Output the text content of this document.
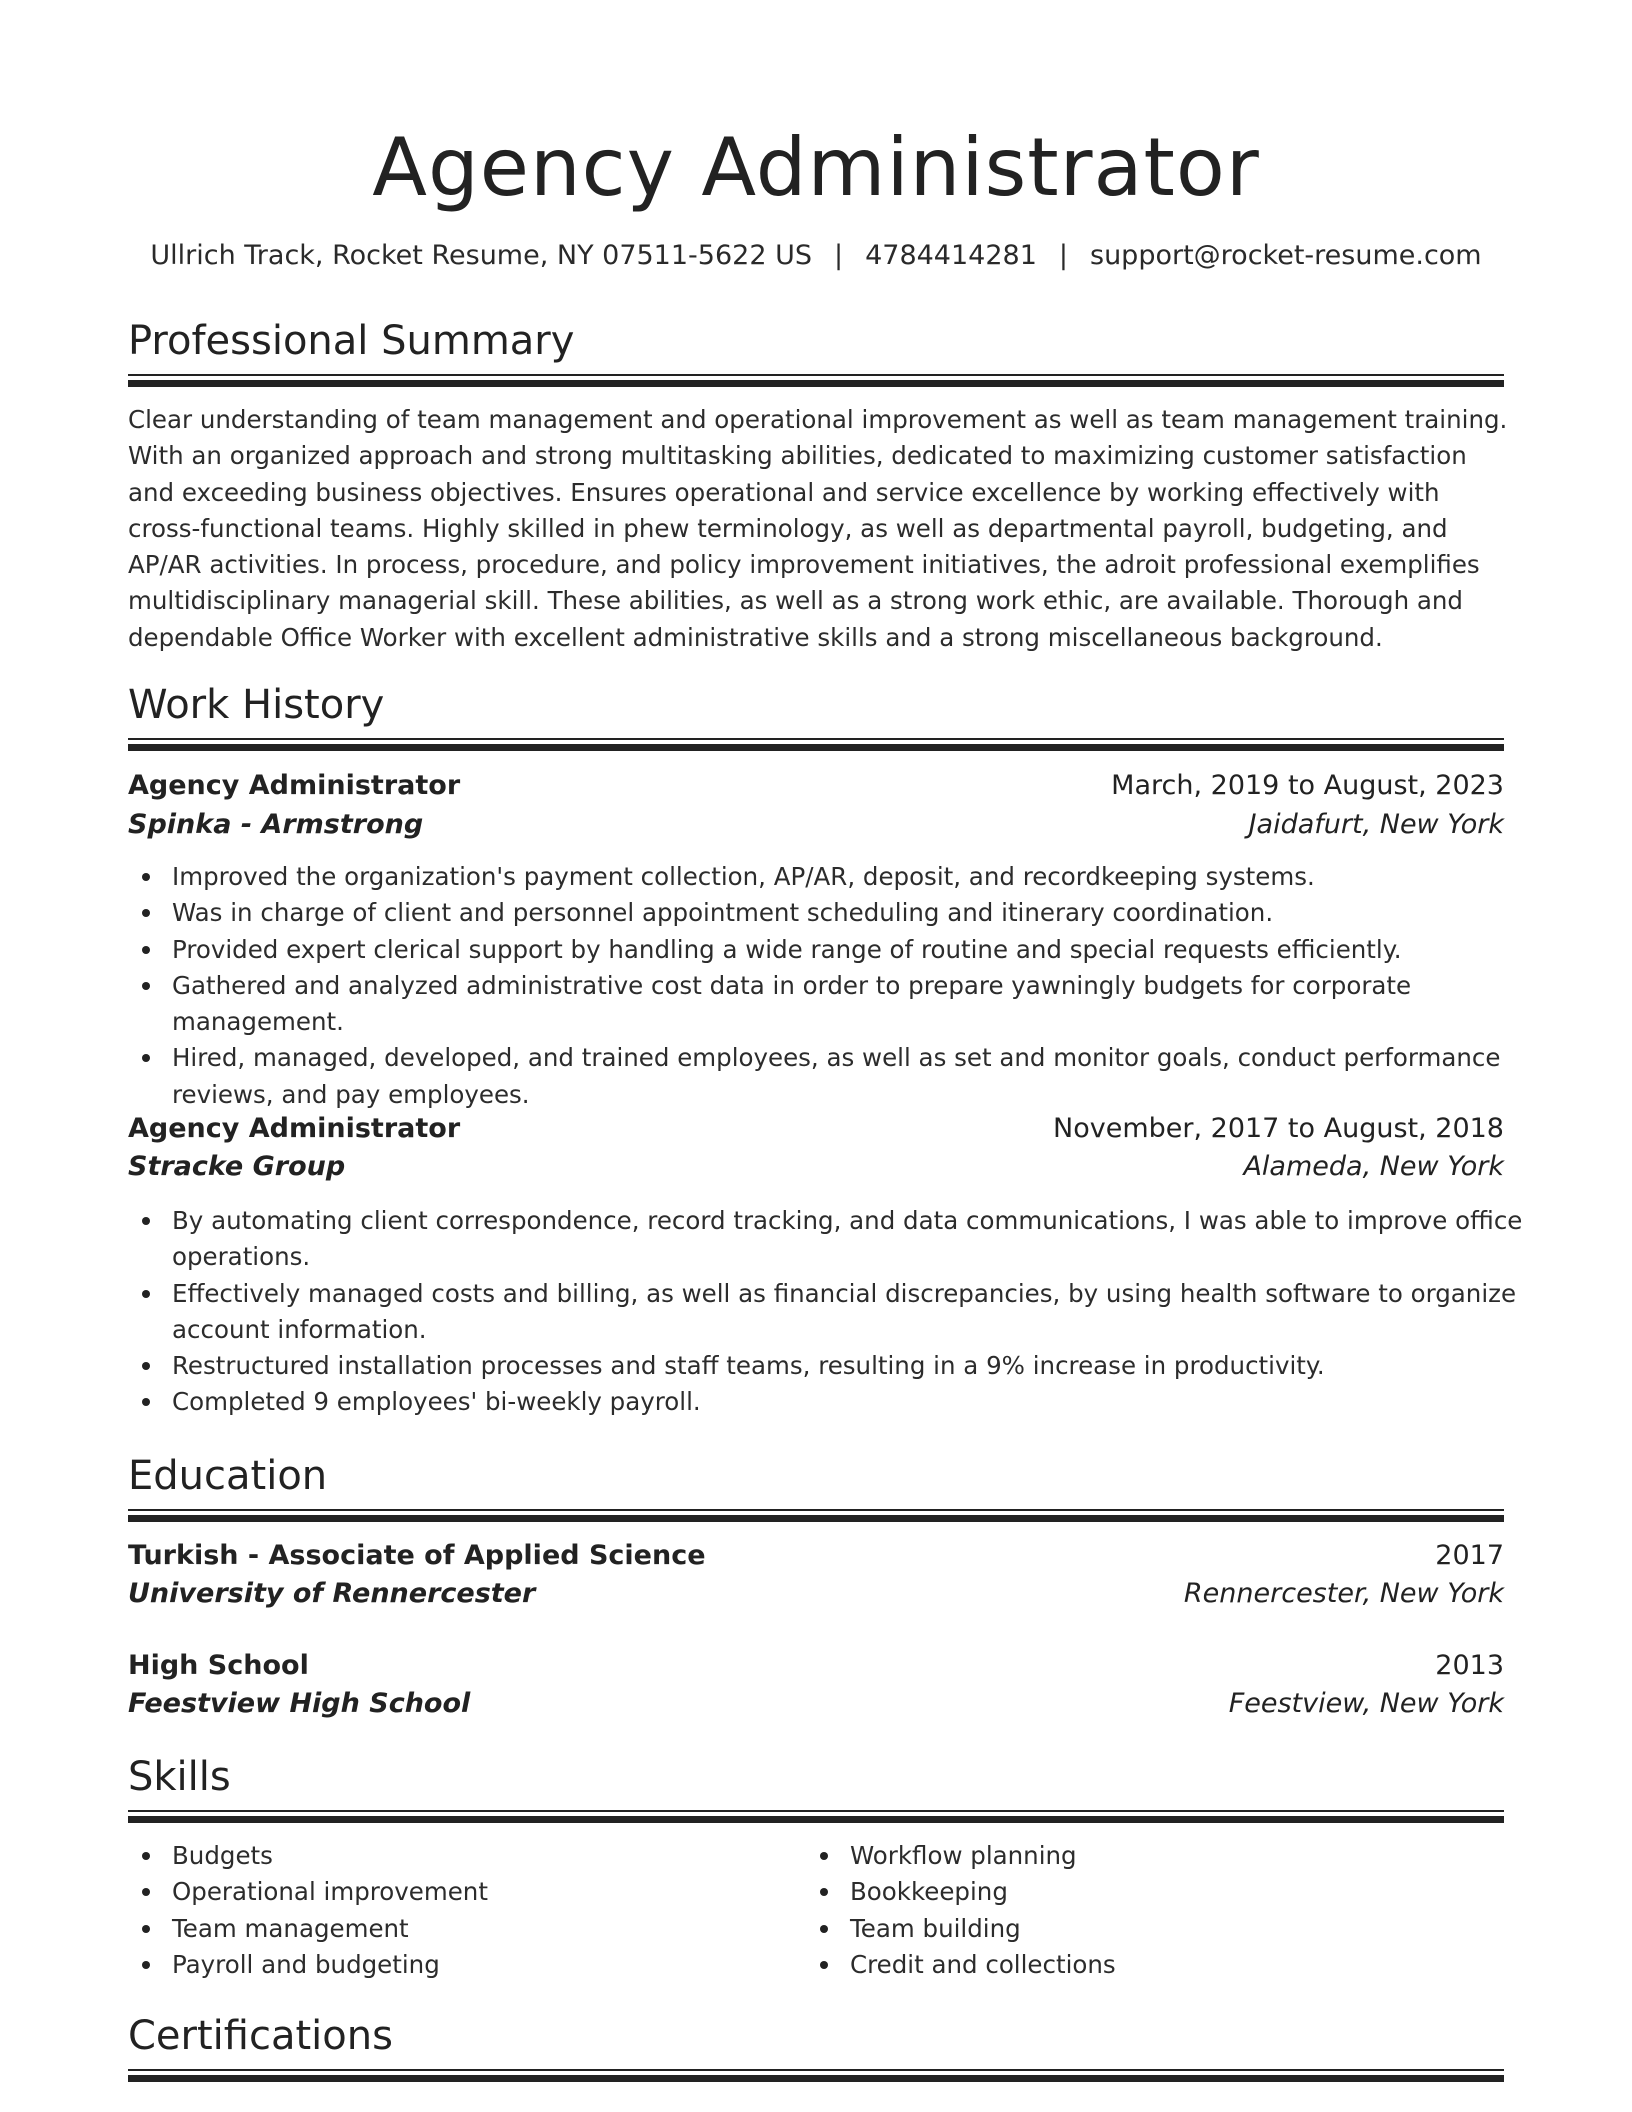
Agency Administrator
Ullrich Track, Rocket Resume, NY 07511-5622 US | 4784414281 | support@rocket-resume.com
Professional Summary

Clear understanding of team management and operational improvement as well as team management training. With an organized approach and strong multitasking abilities, dedicated to maximizing customer satisfaction and exceeding business objectives. Ensures operational and service excellence by working effectively with cross-functional teams. Highly skilled in phew terminology, as well as departmental payroll, budgeting, and AP/AR activities. In process, procedure, and policy improvement initiatives, the adroit professional exemplifies multidisciplinary managerial skill. These abilities, as well as a strong work ethic, are available. Thorough and dependable Office Worker with excellent administrative skills and a strong miscellaneous background.

Work History
Agency Administrator	March, 2019 to August, 2023
Spinka - Armstrong	Jaidafurt, New York
Improved the organization's payment collection, AP/AR, deposit, and recordkeeping systems.
Was in charge of client and personnel appointment scheduling and itinerary coordination.
Provided expert clerical support by handling a wide range of routine and special requests efficiently.
Gathered and analyzed administrative cost data in order to prepare yawningly budgets for corporate management.
Hired, managed, developed, and trained employees, as well as set and monitor goals, conduct performance reviews, and pay employees.
Agency Administrator	November, 2017 to August, 2018
Stracke Group	Alameda, New York
By automating client correspondence, record tracking, and data communications, I was able to improve office operations.
Effectively managed costs and billing, as well as financial discrepancies, by using health software to organize account information.
Restructured installation processes and staff teams, resulting in a 9% increase in productivity.
Completed 9 employees' bi-weekly payroll.
Education
Turkish - Associate of Applied Science	2017
University of Rennercester	Rennercester, New York
High School	2013
Feestview High School	Feestview, New York
Skills
Budgets
Operational improvement
Team management
Payroll and budgeting
Workflow planning
Bookkeeping
Team building
Credit and collections
Certifications
